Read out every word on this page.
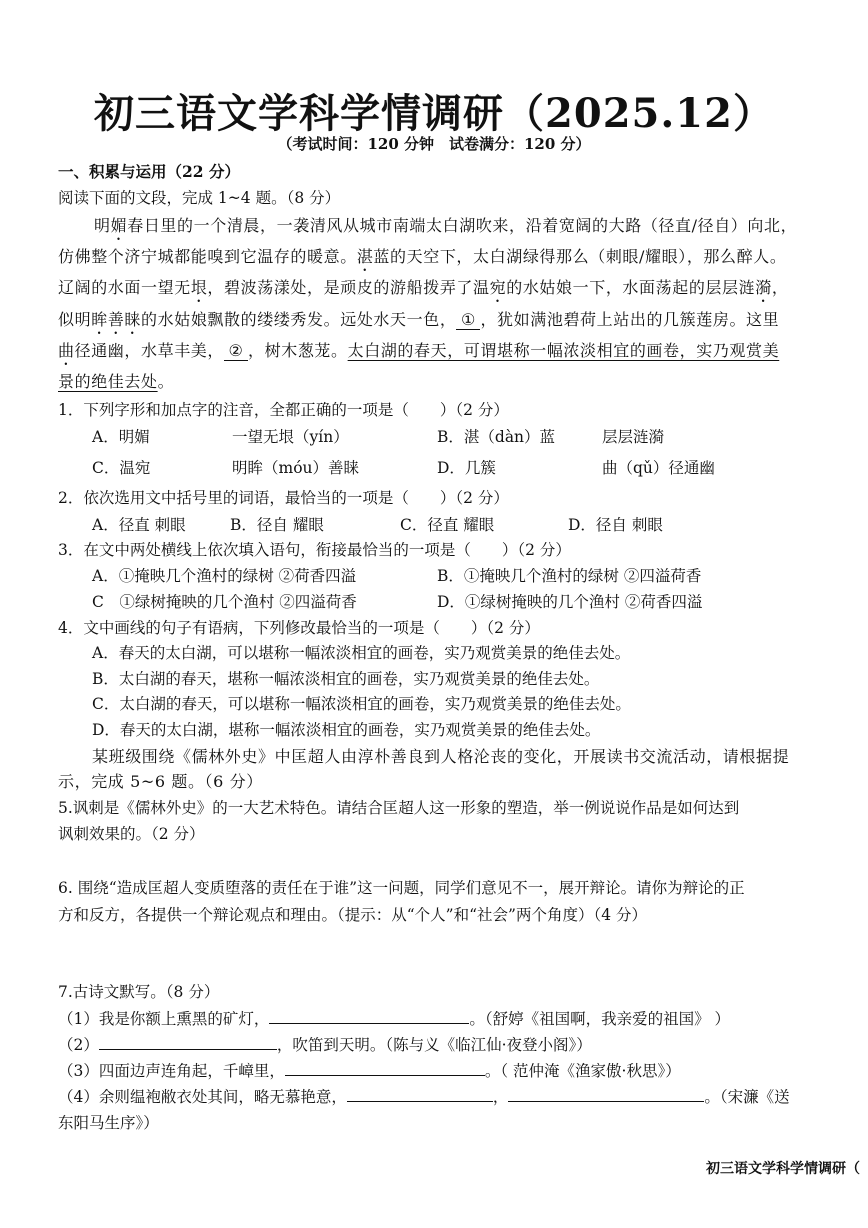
初三语文学科学情调研（2025.12）
（考试时间：120 分钟　试卷满分：120 分）
一、积累与运用（22 分）
阅读下面的文段，完成 1~4 题。（8 分）
明媚春日里的一个清晨，一袭清风从城市南端太白湖吹来，沿着宽阔的大路（径直/径自）向北，
仿佛整个济宁城都能嗅到它温存的暖意。湛蓝的天空下，太白湖绿得那么（刺眼/耀眼），那么醉人。
辽阔的水面一望无垠，碧波荡漾处，是顽皮的游船拨弄了温宛的水姑娘一下，水面荡起的层层涟漪，
似明眸善睐的水姑娘飘散的缕缕秀发。远处水天一色， ① ，犹如满池碧荷上站出的几簇莲房。这里
曲径通幽，水草丰美， ② ，树木葱茏。太白湖的春天，可谓堪称一幅浓淡相宜的画卷，实乃观赏美
景的绝佳去处。
1．下列字形和加点字的注音，全都正确的一项是（　　）（2 分）
A．明媚	一望无垠（yín）	B．湛（dàn）蓝	层层涟漪
C．温宛	明眸（móu）善睐	D．几簇	曲（qǔ）径通幽
2．依次选用文中括号里的词语，最恰当的一项是（　　）（2 分）
A．径直 刺眼	B．径自 耀眼	C．径直 耀眼	D．径自 刺眼
3．在文中两处横线上依次填入语句，衔接最恰当的一项是（　　）（2 分）
A．①掩映几个渔村的绿树 ②荷香四溢	B．①掩映几个渔村的绿树 ②四溢荷香
C　①绿树掩映的几个渔村 ②四溢荷香	D．①绿树掩映的几个渔村 ②荷香四溢
4．文中画线的句子有语病，下列修改最恰当的一项是（　　）（2 分）
A．春天的太白湖，可以堪称一幅浓淡相宜的画卷，实乃观赏美景的绝佳去处。
B．太白湖的春天，堪称一幅浓淡相宜的画卷，实乃观赏美景的绝佳去处。
C．太白湖的春天，可以堪称一幅浓淡相宜的画卷，实乃观赏美景的绝佳去处。
D．春天的太白湖，堪称一幅浓淡相宜的画卷，实乃观赏美景的绝佳去处。
某班级围绕《儒林外史》中匡超人由淳朴善良到人格沦丧的变化，开展读书交流活动，请根据提
示，完成 5~6 题。（6 分）
5.讽刺是《儒林外史》的一大艺术特色。请结合匡超人这一形象的塑造，举一例说说作品是如何达到
讽刺效果的。（2 分）
6. 围绕“造成匡超人变质堕落的责任在于谁”这一问题，同学们意见不一，展开辩论。请你为辩论的正
方和反方，各提供一个辩论观点和理由。（提示：从“个人”和“社会”两个角度）（4 分）
7.古诗文默写。（8 分）
（1）我是你额上熏黑的矿灯，	。（舒婷《祖国啊，我亲爱的祖国》 ）
（2）	，吹笛到天明。（陈与义《临江仙·夜登小阁》）
（3）四面边声连角起，千嶂里，	。（ 范仲淹《渔家傲·秋思》）
（4）余则缊袍敝衣处其间，略无慕艳意，	，	。（宋濂《送
东阳马生序》）
初三语文学科学情调研（
